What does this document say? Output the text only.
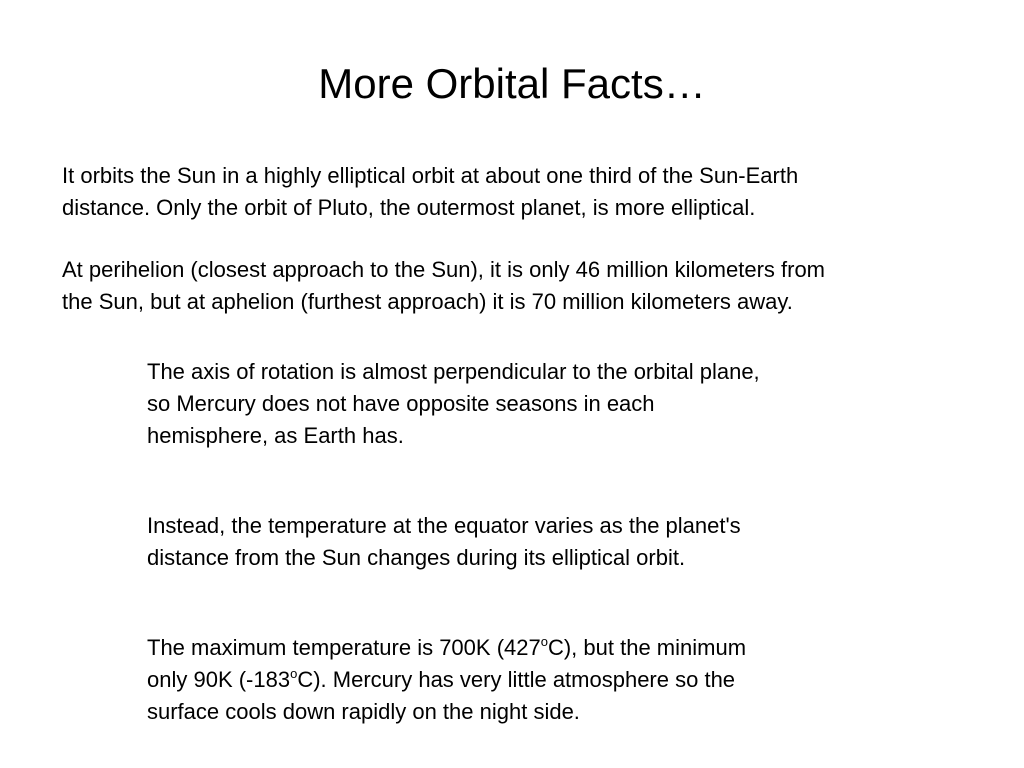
More Orbital Facts…

It orbits the Sun in a highly elliptical orbit at about one third of the Sun-Earth
distance. Only the orbit of Pluto, the outermost planet, is more elliptical.

At perihelion (closest approach to the Sun), it is only 46 million kilometers from
the Sun, but at aphelion (furthest approach) it is 70 million kilometers away.

The axis of rotation is almost perpendicular to the orbital plane,
so Mercury does not have opposite seasons in each
hemisphere, as Earth has.

Instead, the temperature at the equator varies as the planet's
distance from the Sun changes during its elliptical orbit.

The maximum temperature is 700K (427$^o$C), but the minimum
only 90K (-183$^o$C). Mercury has very little atmosphere so the
surface cools down rapidly on the night side.
